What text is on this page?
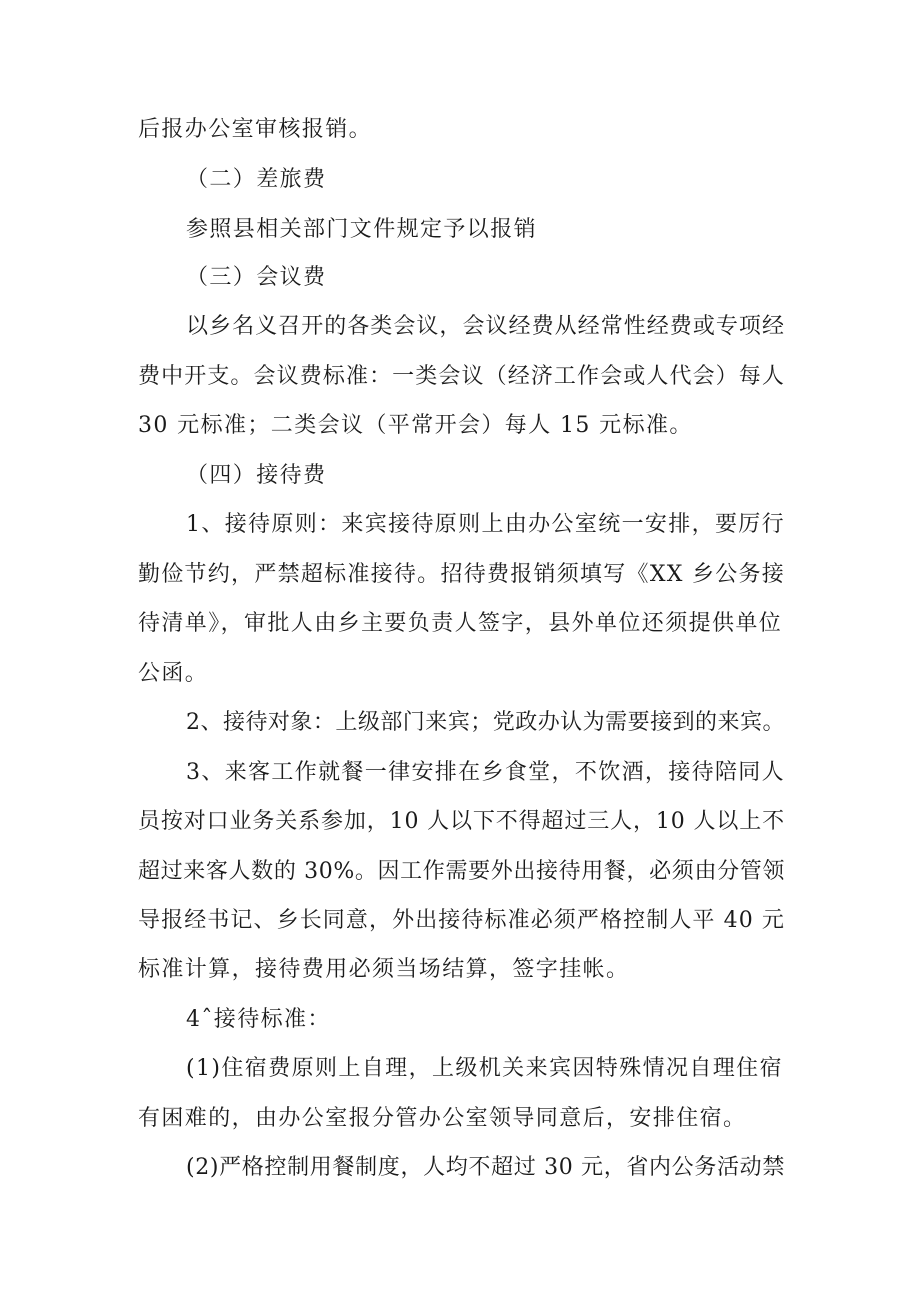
后报办公室审核报销。
（二）差旅费
参照县相关部门文件规定予以报销
（三）会议费
以乡名义召开的各类会议，会议经费从经常性经费或专项经
费中开支。会议费标准：一类会议（经济工作会或人代会）每人
30 元标准；二类会议（平常开会）每人 15 元标准。
（四）接待费
1、接待原则：来宾接待原则上由办公室统一安排，要厉行
勤俭节约，严禁超标准接待。招待费报销须填写《XX 乡公务接
待清单》，审批人由乡主要负责人签字，县外单位还须提供单位
公函。
2、接待对象：上级部门来宾；党政办认为需要接到的来宾。
3、来客工作就餐一律安排在乡食堂，不饮酒，接待陪同人
员按对口业务关系参加，10 人以下不得超过三人，10 人以上不
超过来客人数的 30%。因工作需要外出接待用餐，必须由分管领
导报经书记、乡长同意，外出接待标准必须严格控制人平 40 元
标准计算，接待费用必须当场结算，签字挂帐。
4ˆ接待标准：
(1)住宿费原则上自理，上级机关来宾因特殊情况自理住宿
有困难的，由办公室报分管办公室领导同意后，安排住宿。
(2)严格控制用餐制度，人均不超过 30 元，省内公务活动禁
